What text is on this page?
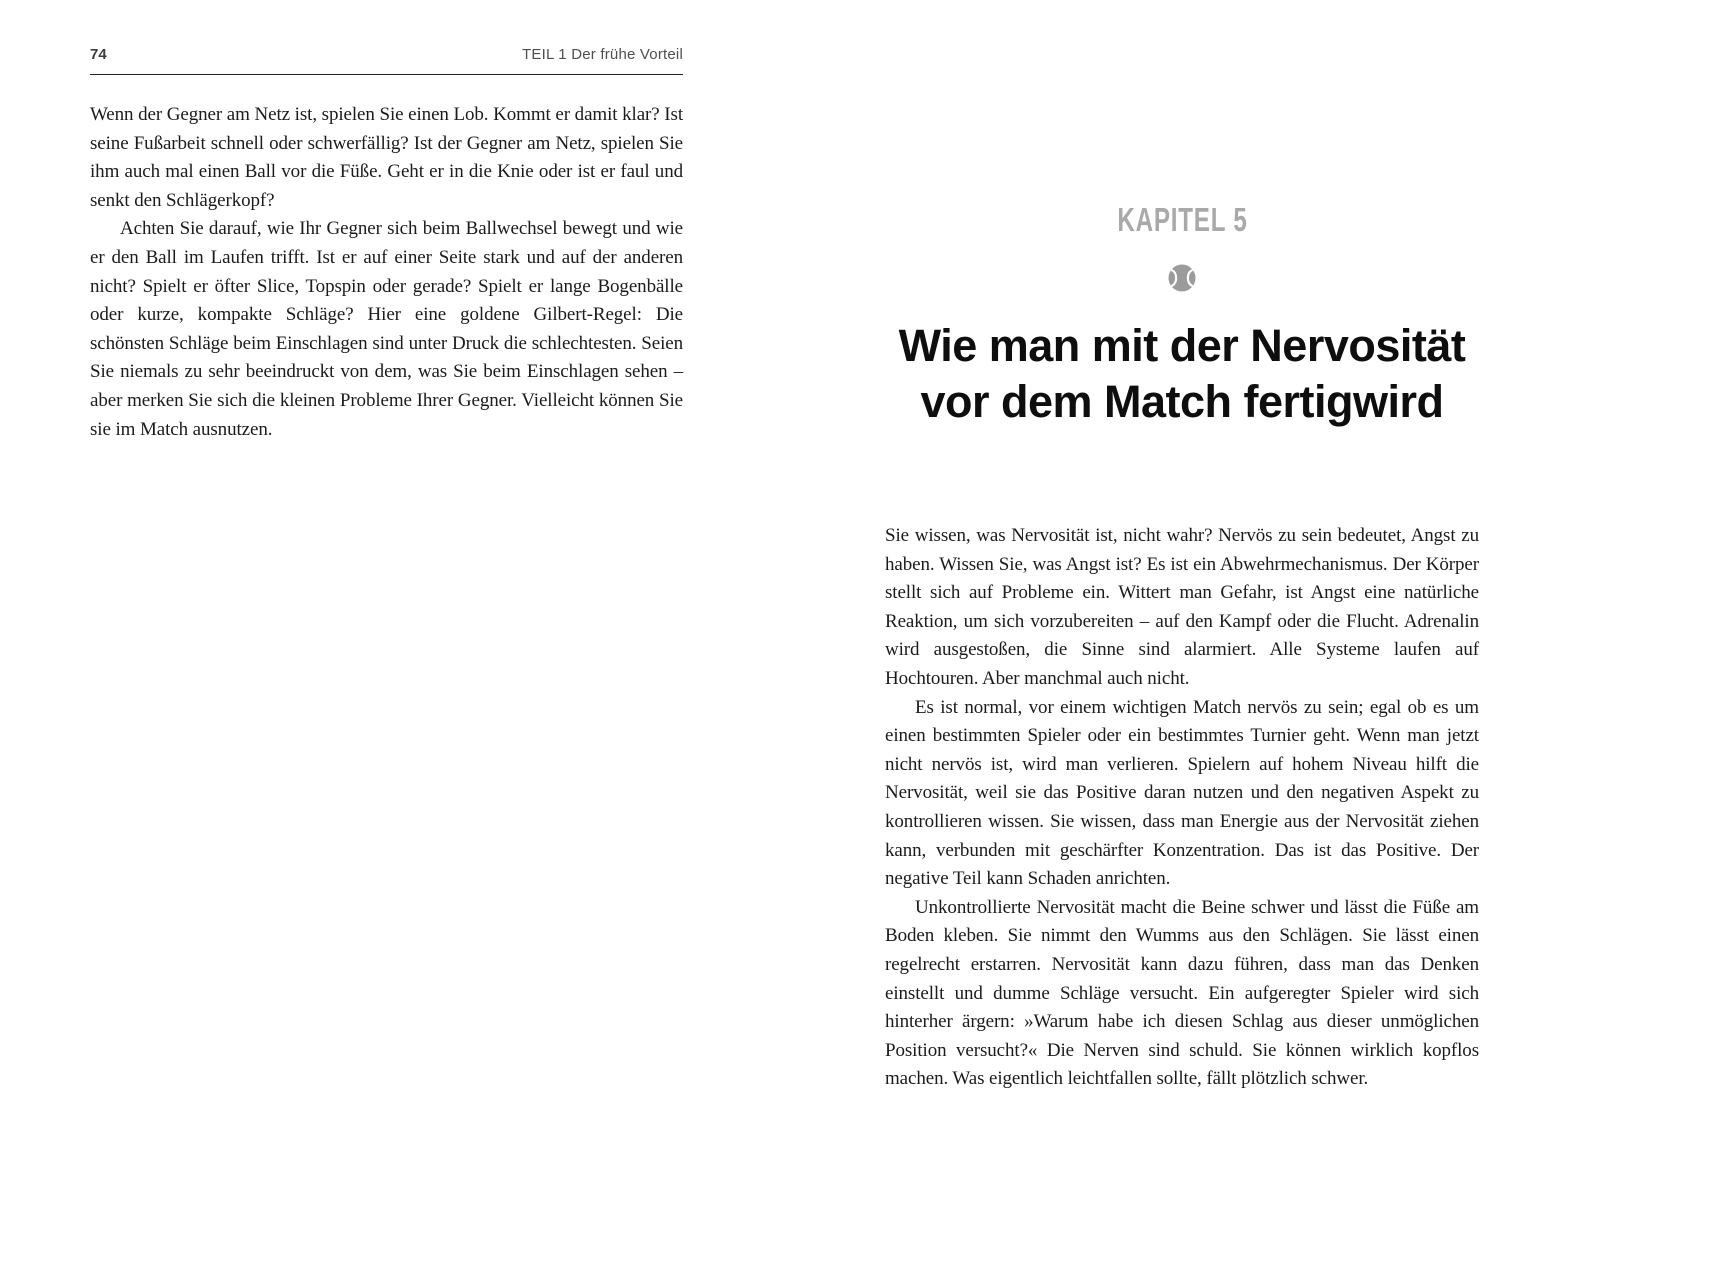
74	TEIL 1 Der frühe Vorteil

Wenn der Gegner am Netz ist, spielen Sie einen Lob. Kommt er damit klar? Ist seine Fußarbeit schnell oder schwerfällig? Ist der Gegner am Netz, spielen Sie ihm auch mal einen Ball vor die Füße. Geht er in die Knie oder ist er faul und senkt den Schlägerkopf?

Achten Sie darauf, wie Ihr Gegner sich beim Ballwechsel bewegt und wie er den Ball im Laufen trifft. Ist er auf einer Seite stark und auf der anderen nicht? Spielt er öfter Slice, Topspin oder gerade? Spielt er lange Bogenbälle oder kurze, kompakte Schläge? Hier eine goldene Gilbert-Regel: Die schönsten Schläge beim Einschlagen sind unter Druck die schlechtesten. Seien Sie niemals zu sehr beeindruckt von dem, was Sie beim Einschlagen sehen – aber merken Sie sich die kleinen Probleme Ihrer Gegner. Vielleicht können Sie sie im Match ausnutzen.

KAPITEL 5
Wie man mit der Nervosität
vor dem Match fertigwird

Sie wissen, was Nervosität ist, nicht wahr? Nervös zu sein bedeutet, Angst zu haben. Wissen Sie, was Angst ist? Es ist ein Abwehrmechanismus. Der Körper stellt sich auf Probleme ein. Wittert man Gefahr, ist Angst eine natürliche Reaktion, um sich vorzubereiten – auf den Kampf oder die Flucht. Adrenalin wird ausgestoßen, die Sinne sind alarmiert. Alle Systeme laufen auf Hochtouren. Aber manchmal auch nicht.

Es ist normal, vor einem wichtigen Match nervös zu sein; egal ob es um einen bestimmten Spieler oder ein bestimmtes Turnier geht. Wenn man jetzt nicht nervös ist, wird man verlieren. Spielern auf hohem Niveau hilft die Nervosität, weil sie das Positive daran nutzen und den negativen Aspekt zu kontrollieren wissen. Sie wissen, dass man Energie aus der Nervosität ziehen kann, verbunden mit geschärfter Konzentration. Das ist das Positive. Der negative Teil kann Schaden anrichten.

Unkontrollierte Nervosität macht die Beine schwer und lässt die Füße am Boden kleben. Sie nimmt den Wumms aus den Schlägen. Sie lässt einen regelrecht erstarren. Nervosität kann dazu führen, dass man das Denken einstellt und dumme Schläge versucht. Ein aufgeregter Spieler wird sich hinterher ärgern: »Warum habe ich diesen Schlag aus dieser unmöglichen Position versucht?« Die Nerven sind schuld. Sie können wirklich kopflos machen. Was eigentlich leichtfallen sollte, fällt plötzlich schwer.
